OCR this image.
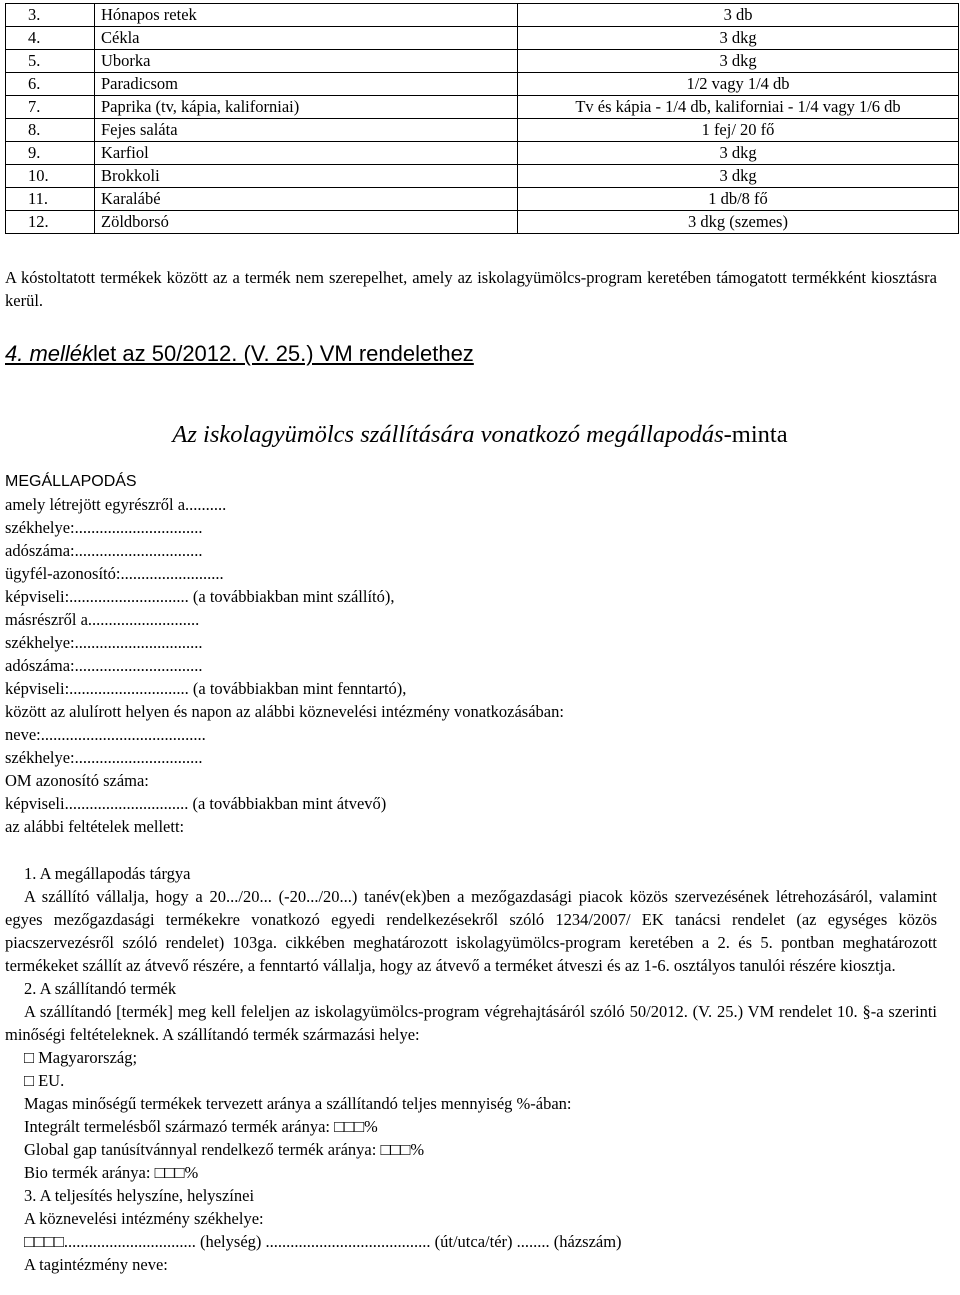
3.	Hónapos retek	3 db
4.	Cékla	3 dkg
5.	Uborka	3 dkg
6.	Paradicsom	1/2 vagy 1/4 db
7.	Paprika (tv, kápia, kaliforniai)	Tv és kápia - 1/4 db, kaliforniai - 1/4 vagy 1/6 db
8.	Fejes saláta	1 fej/ 20 fő
9.	Karfiol	3 dkg
10.	Brokkoli	3 dkg
11.	Karalábé	1 db/8 fő
12.	Zöldborsó	3 dkg (szemes)
A kóstoltatott termékek között az a termék nem szerepelhet, amely az iskolagyümölcs-program keretében támogatott termékként kiosztásra kerül.
4. melléklet az 50/2012. (V. 25.) VM rendelethez
Az iskolagyümölcs szállítására vonatkozó megállapodás-minta
MEGÁLLAPODÁS
amely létrejött egyrészről a..........
székhelye:...............................
adószáma:...............................
ügyfél-azonosító:.........................
képviseli:............................. (a továbbiakban mint szállító),
másrészről a...........................
székhelye:...............................
adószáma:...............................
képviseli:............................. (a továbbiakban mint fenntartó),
között az alulírott helyen és napon az alábbi köznevelési intézmény vonatkozásában:
neve:........................................
székhelye:...............................
OM azonosító száma:
képviseli.............................. (a továbbiakban mint átvevő)
az alábbi feltételek mellett:
1. A megállapodás tárgya
A szállító vállalja, hogy a 20.../20... (-20.../20...) tanév(ek)ben a mezőgazdasági piacok közös szervezésének létrehozásáról, valamint egyes mezőgazdasági termékekre vonatkozó egyedi rendelkezésekről szóló 1234/2007/ EK tanácsi rendelet (az egységes közös piacszervezésről szóló rendelet) 103ga. cikkében meghatározott iskolagyümölcs-program keretében a 2. és 5. pontban meghatározott termékeket szállít az átvevő részére, a fenntartó vállalja, hogy az átvevő a terméket átveszi és az 1-6. osztályos tanulói részére kiosztja.
2. A szállítandó termék
A szállítandó [termék] meg kell feleljen az iskolagyümölcs-program végrehajtásáról szóló 50/2012. (V. 25.) VM rendelet 10. §-a szerinti minőségi feltételeknek. A szállítandó termék származási helye:
□ Magyarország;
□ EU.
Magas minőségű termékek tervezett aránya a szállítandó teljes mennyiség %-ában:
Integrált termelésből származó termék aránya: □□□%
Global gap tanúsítvánnyal rendelkező termék aránya: □□□%
Bio termék aránya: □□□%
3. A teljesítés helyszíne, helyszínei
A köznevelési intézmény székhelye:
□□□□................................ (helység) ........................................ (út/utca/tér) ........ (házszám)
A tagintézmény neve:
